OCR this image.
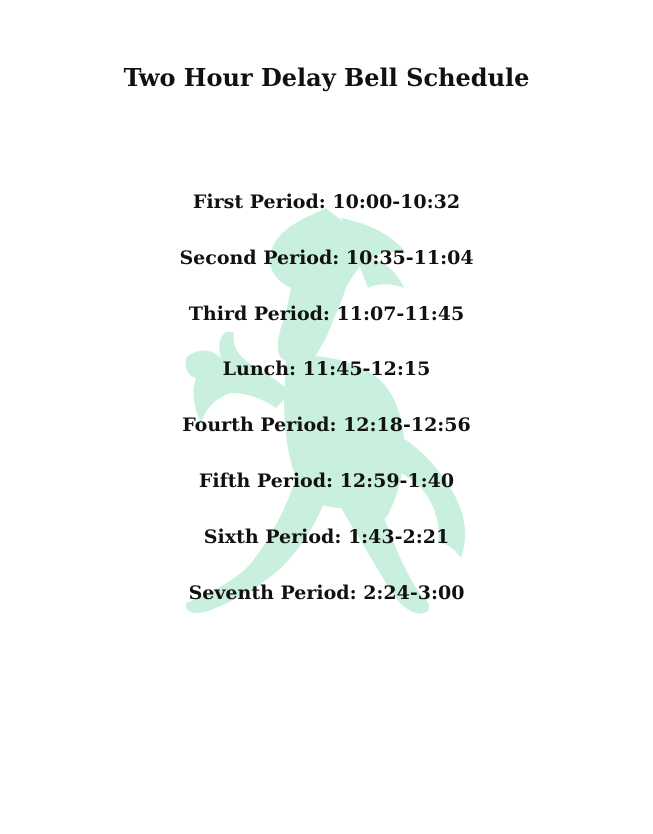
Two Hour Delay Bell Schedule
First Period: 10:00-10:32
Second Period: 10:35-11:04
Third Period: 11:07-11:45
Lunch: 11:45-12:15
Fourth Period: 12:18-12:56
Fifth Period: 12:59-1:40
Sixth Period: 1:43-2:21
Seventh Period: 2:24-3:00
